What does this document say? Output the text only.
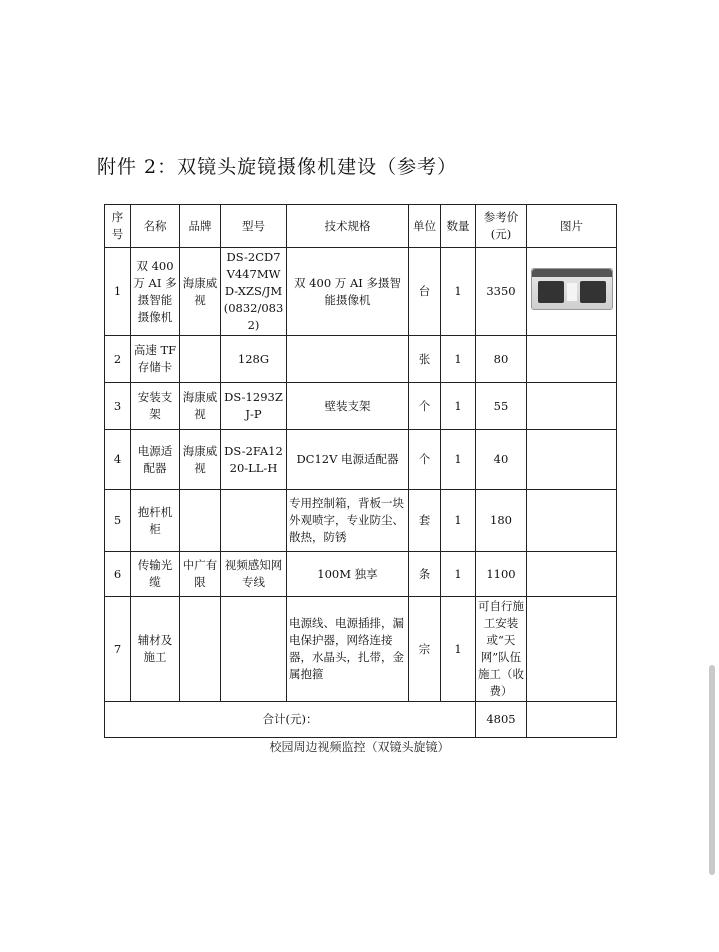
附件 2：双镜头旋镜摄像机建设（参考）
序号	名称	品牌	型号	技术规格	单位	数量	参考价(元)	图片
1	双 400 万 AI 多摄智能摄像机	海康威视	DS-2CD7V447MWD-XZS/JM(0832/0832)	双 400 万 AI 多摄智能摄像机	台	1	3350	

2	高速 TF 存储卡		128G		张	1	80	
3	安装支架	海康威视	DS-1293ZJ-P	壁装支架	个	1	55	
4	电源适配器	海康威视	DS-2FA1220-LL-H	DC12V 电源适配器	个	1	40	
5	抱杆机柜			专用控制箱，背板一块外观喷字，专业防尘、散热，防锈	套	1	180	
6	传输光缆	中广有限	视频感知网专线	100M 独享	条	1	1100	
7	辅材及施工			电源线、电源插排，漏电保护器，网络连接器，水晶头，扎带，金属抱箍	宗	1	可自行施工安装或“天网”队伍施工（收费）	
合计(元)：							4805	
校园周边视频监控（双镜头旋镜）
